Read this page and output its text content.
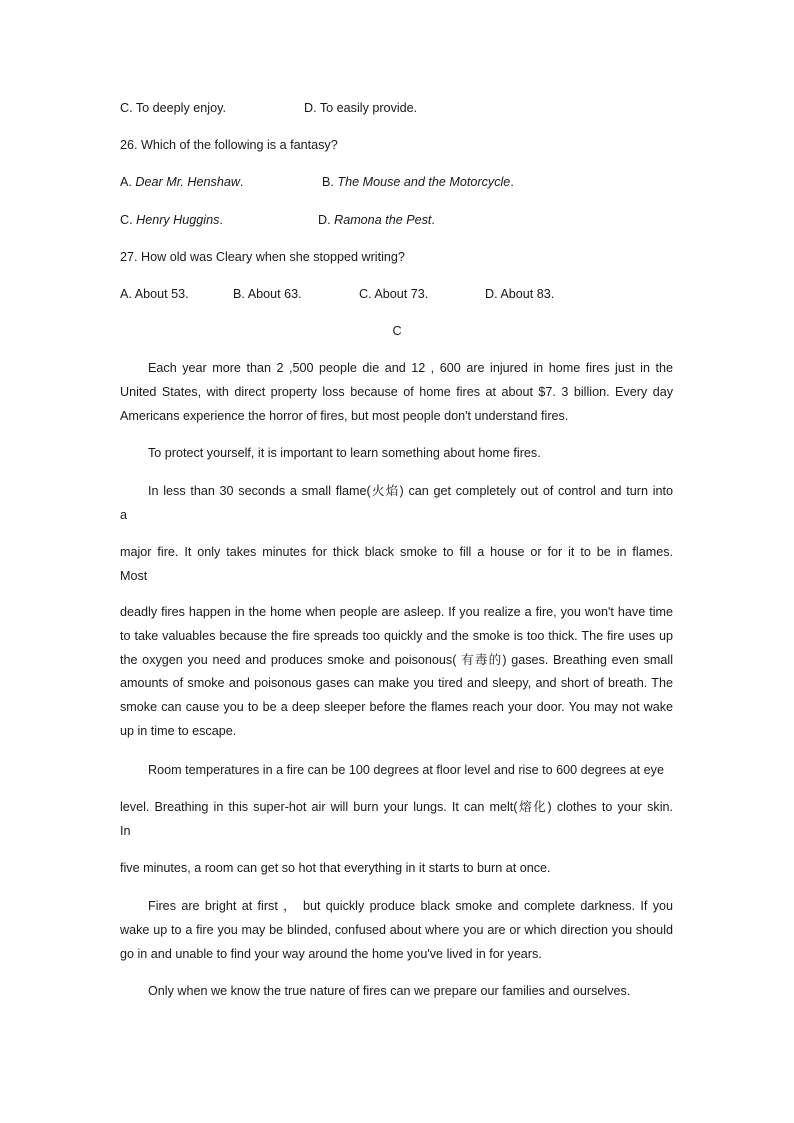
C. To deeply enjoy.	D. To easily provide.
26. Which of the following is a fantasy?
A. Dear Mr. Henshaw.	B. The Mouse and the Motorcycle.
C. Henry Huggins.	D. Ramona the Pest.
27. How old was Cleary when she stopped writing?
A. About 53.	B. About 63.	C. About 73.	D. About 83.
C

Each year more than 2 ,500 people die and 12 , 600 are injured in home fires just in the United States, with direct property loss because of home fires at about $7. 3 billion. Every day Americans experience the horror of fires, but most people don't understand fires.

To protect yourself, it is important to learn something about home fires.

In less than 30 seconds a small flame(火焰) can get completely out of control and turn into

a

major fire. It only takes minutes for thick black smoke to fill a house or for it to be in flames.

Most

deadly fires happen in the home when people are asleep. If you realize a fire, you won't have time to take valuables because the fire spreads too quickly and the smoke is too thick. The fire uses up the oxygen you need and produces smoke and poisonous( 有毒的) gases. Breathing even small amounts of smoke and poisonous gases can make you tired and sleepy, and short of breath. The smoke can cause you to be a deep sleeper before the flames reach your door. You may not wake up in time to escape.

Room temperatures in a fire can be 100 degrees at floor level and rise to 600 degrees at eye

level. Breathing in this super-hot air will burn your lungs. It can melt(熔化) clothes to your skin.

In

five minutes, a room can get so hot that everything in it starts to burn at once.

Fires are bright at first ， but quickly produce black smoke and complete darkness. If you wake up to a fire you may be blinded, confused about where you are or which direction you should go in and unable to find your way around the home you've lived in for years.

Only when we know the true nature of fires can we prepare our families and ourselves.
